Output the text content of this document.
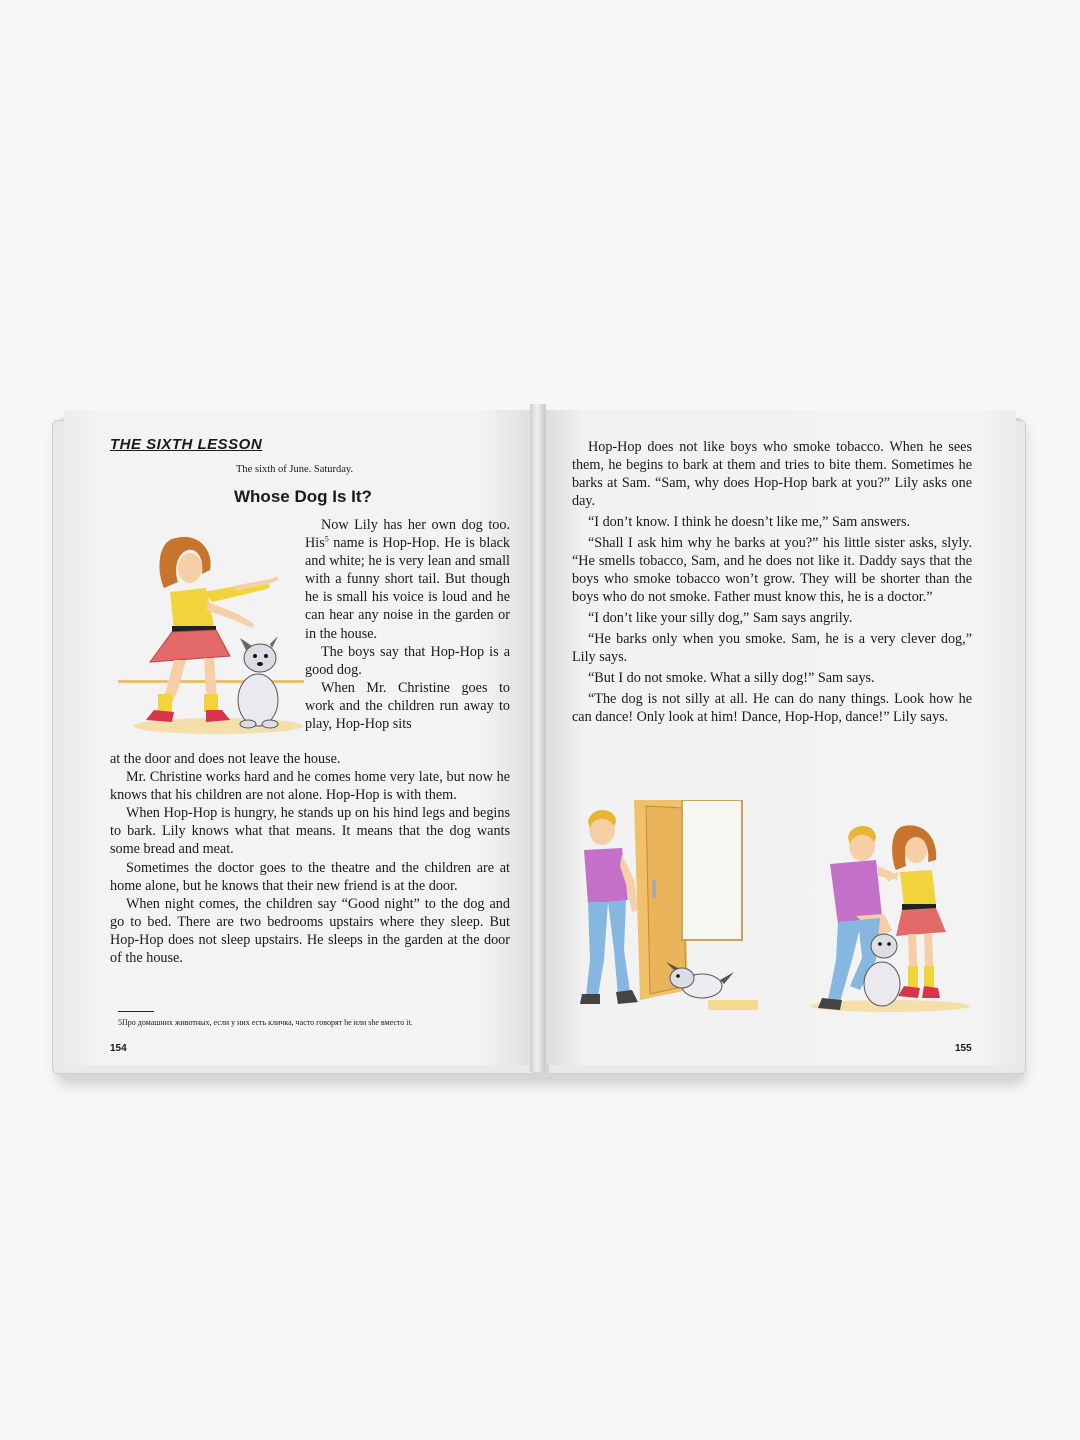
THE SIXTH LESSON
The sixth of June. Saturday.
Whose Dog Is It?

Now Lily has her own dog too. His$^5$ name is Hop-Hop. He is black and white; he is very lean and small with a funny short tail. But though he is small his voice is loud and he can hear any noise in the garden or in the house.

The boys say that Hop-Hop is a good dog.

When Mr. Christine goes to work and the children run away to play, Hop-Hop sits

at the door and does not leave the house.

Mr. Christine works hard and he comes home very late, but now he knows that his children are not alone. Hop-Hop is with them.

When Hop-Hop is hungry, he stands up on his hind legs and begins to bark. Lily knows what that means. It means that the dog wants some bread and meat.

Sometimes the doctor goes to the theatre and the children are at home alone, but he knows that their new friend is at the door.

When night comes, the children say “Good night” to the dog and go to bed. There are two bedrooms upstairs where they sleep. But Hop-Hop does not sleep upstairs. He sleeps in the garden at the door of the house.

5Про домашних животных, если у них есть кличка, часто говорят he или she вместо it.
154

Hop-Hop does not like boys who smoke tobacco. When he sees them, he begins to bark at them and tries to bite them. Sometimes he barks at Sam. “Sam, why does Hop-Hop bark at you?” Lily asks one day.

“I don’t know. I think he doesn’t like me,” Sam answers.

“Shall I ask him why he barks at you?” his little sister asks, slyly. “He smells tobacco, Sam, and he does not like it. Daddy says that the boys who smoke tobacco won’t grow. They will be shorter than the boys who do not smoke. Father must know this, he is a doctor.”

“I don’t like your silly dog,” Sam says angrily.

“He barks only when you smoke. Sam, he is a very clever dog,” Lily says.

“But I do not smoke. What a silly dog!” Sam says.

“The dog is not silly at all. He can do nany things. Look how he can dance! Only look at him! Dance, Hop-Hop, dance!” Lily says.

155
